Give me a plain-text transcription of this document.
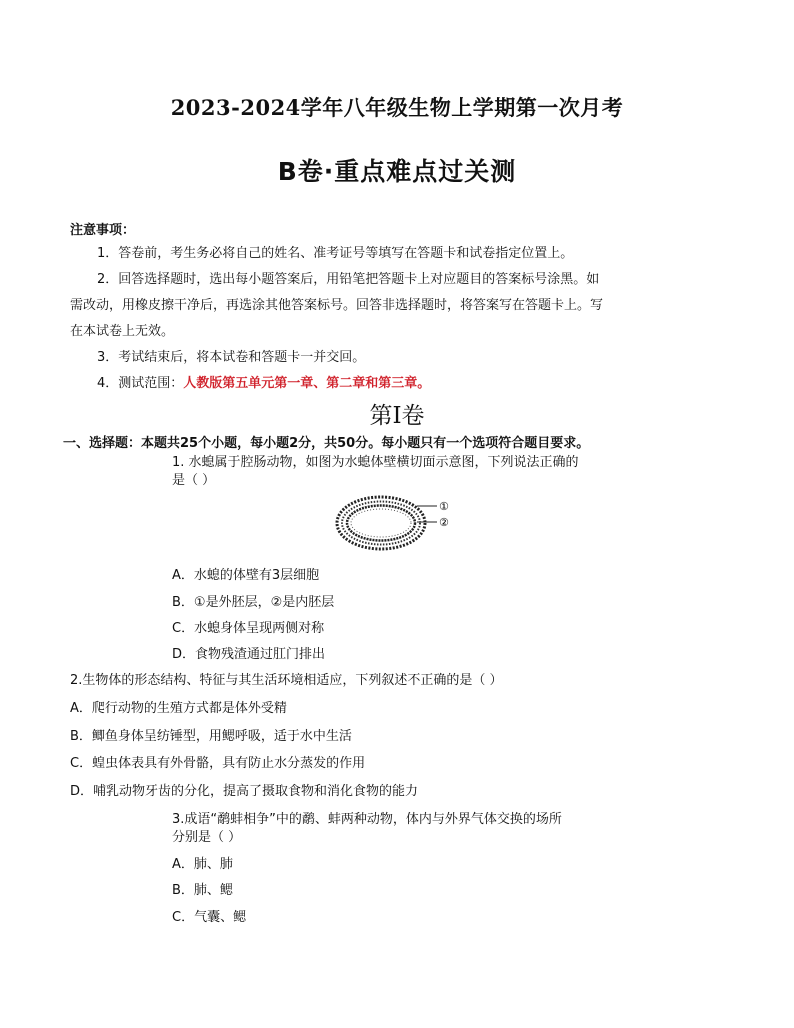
2023-2024学年八年级生物上学期第一次月考
B卷·重点难点过关测
注意事项：
1．答卷前，考生务必将自己的姓名、准考证号等填写在答题卡和试卷指定位置上。
2．回答选择题时，选出每小题答案后，用铅笔把答题卡上对应题目的答案标号涂黑。如
需改动，用橡皮擦干净后，再选涂其他答案标号。回答非选择题时，将答案写在答题卡上。写
在本试卷上无效。
3．考试结束后，将本试卷和答题卡一并交回。
4．测试范围：人教版第五单元第一章、第二章和第三章。
第Ⅰ卷
一、选择题：本题共25个小题，每小题2分，共50分。每小题只有一个选项符合题目要求。
1. 水螅属于腔肠动物，如图为水螅体壁横切面示意图，下列说法正确的
是（ ）
①
②
A．水螅的体壁有3层细胞
B．①是外胚层，②是内胚层
C．水螅身体呈现两侧对称
D．食物残渣通过肛门排出
2.生物体的形态结构、特征与其生活环境相适应，下列叙述不正确的是（ ）
A．爬行动物的生殖方式都是体外受精
B．鲫鱼身体呈纺锤型，用鳃呼吸，适于水中生活
C．蝗虫体表具有外骨骼，具有防止水分蒸发的作用
D．哺乳动物牙齿的分化，提高了摄取食物和消化食物的能力
3.成语“鹬蚌相争”中的鹬、蚌两种动物，体内与外界气体交换的场所
分别是（ ）
A．肺、肺
B．肺、鳃
C．气囊、鳃
